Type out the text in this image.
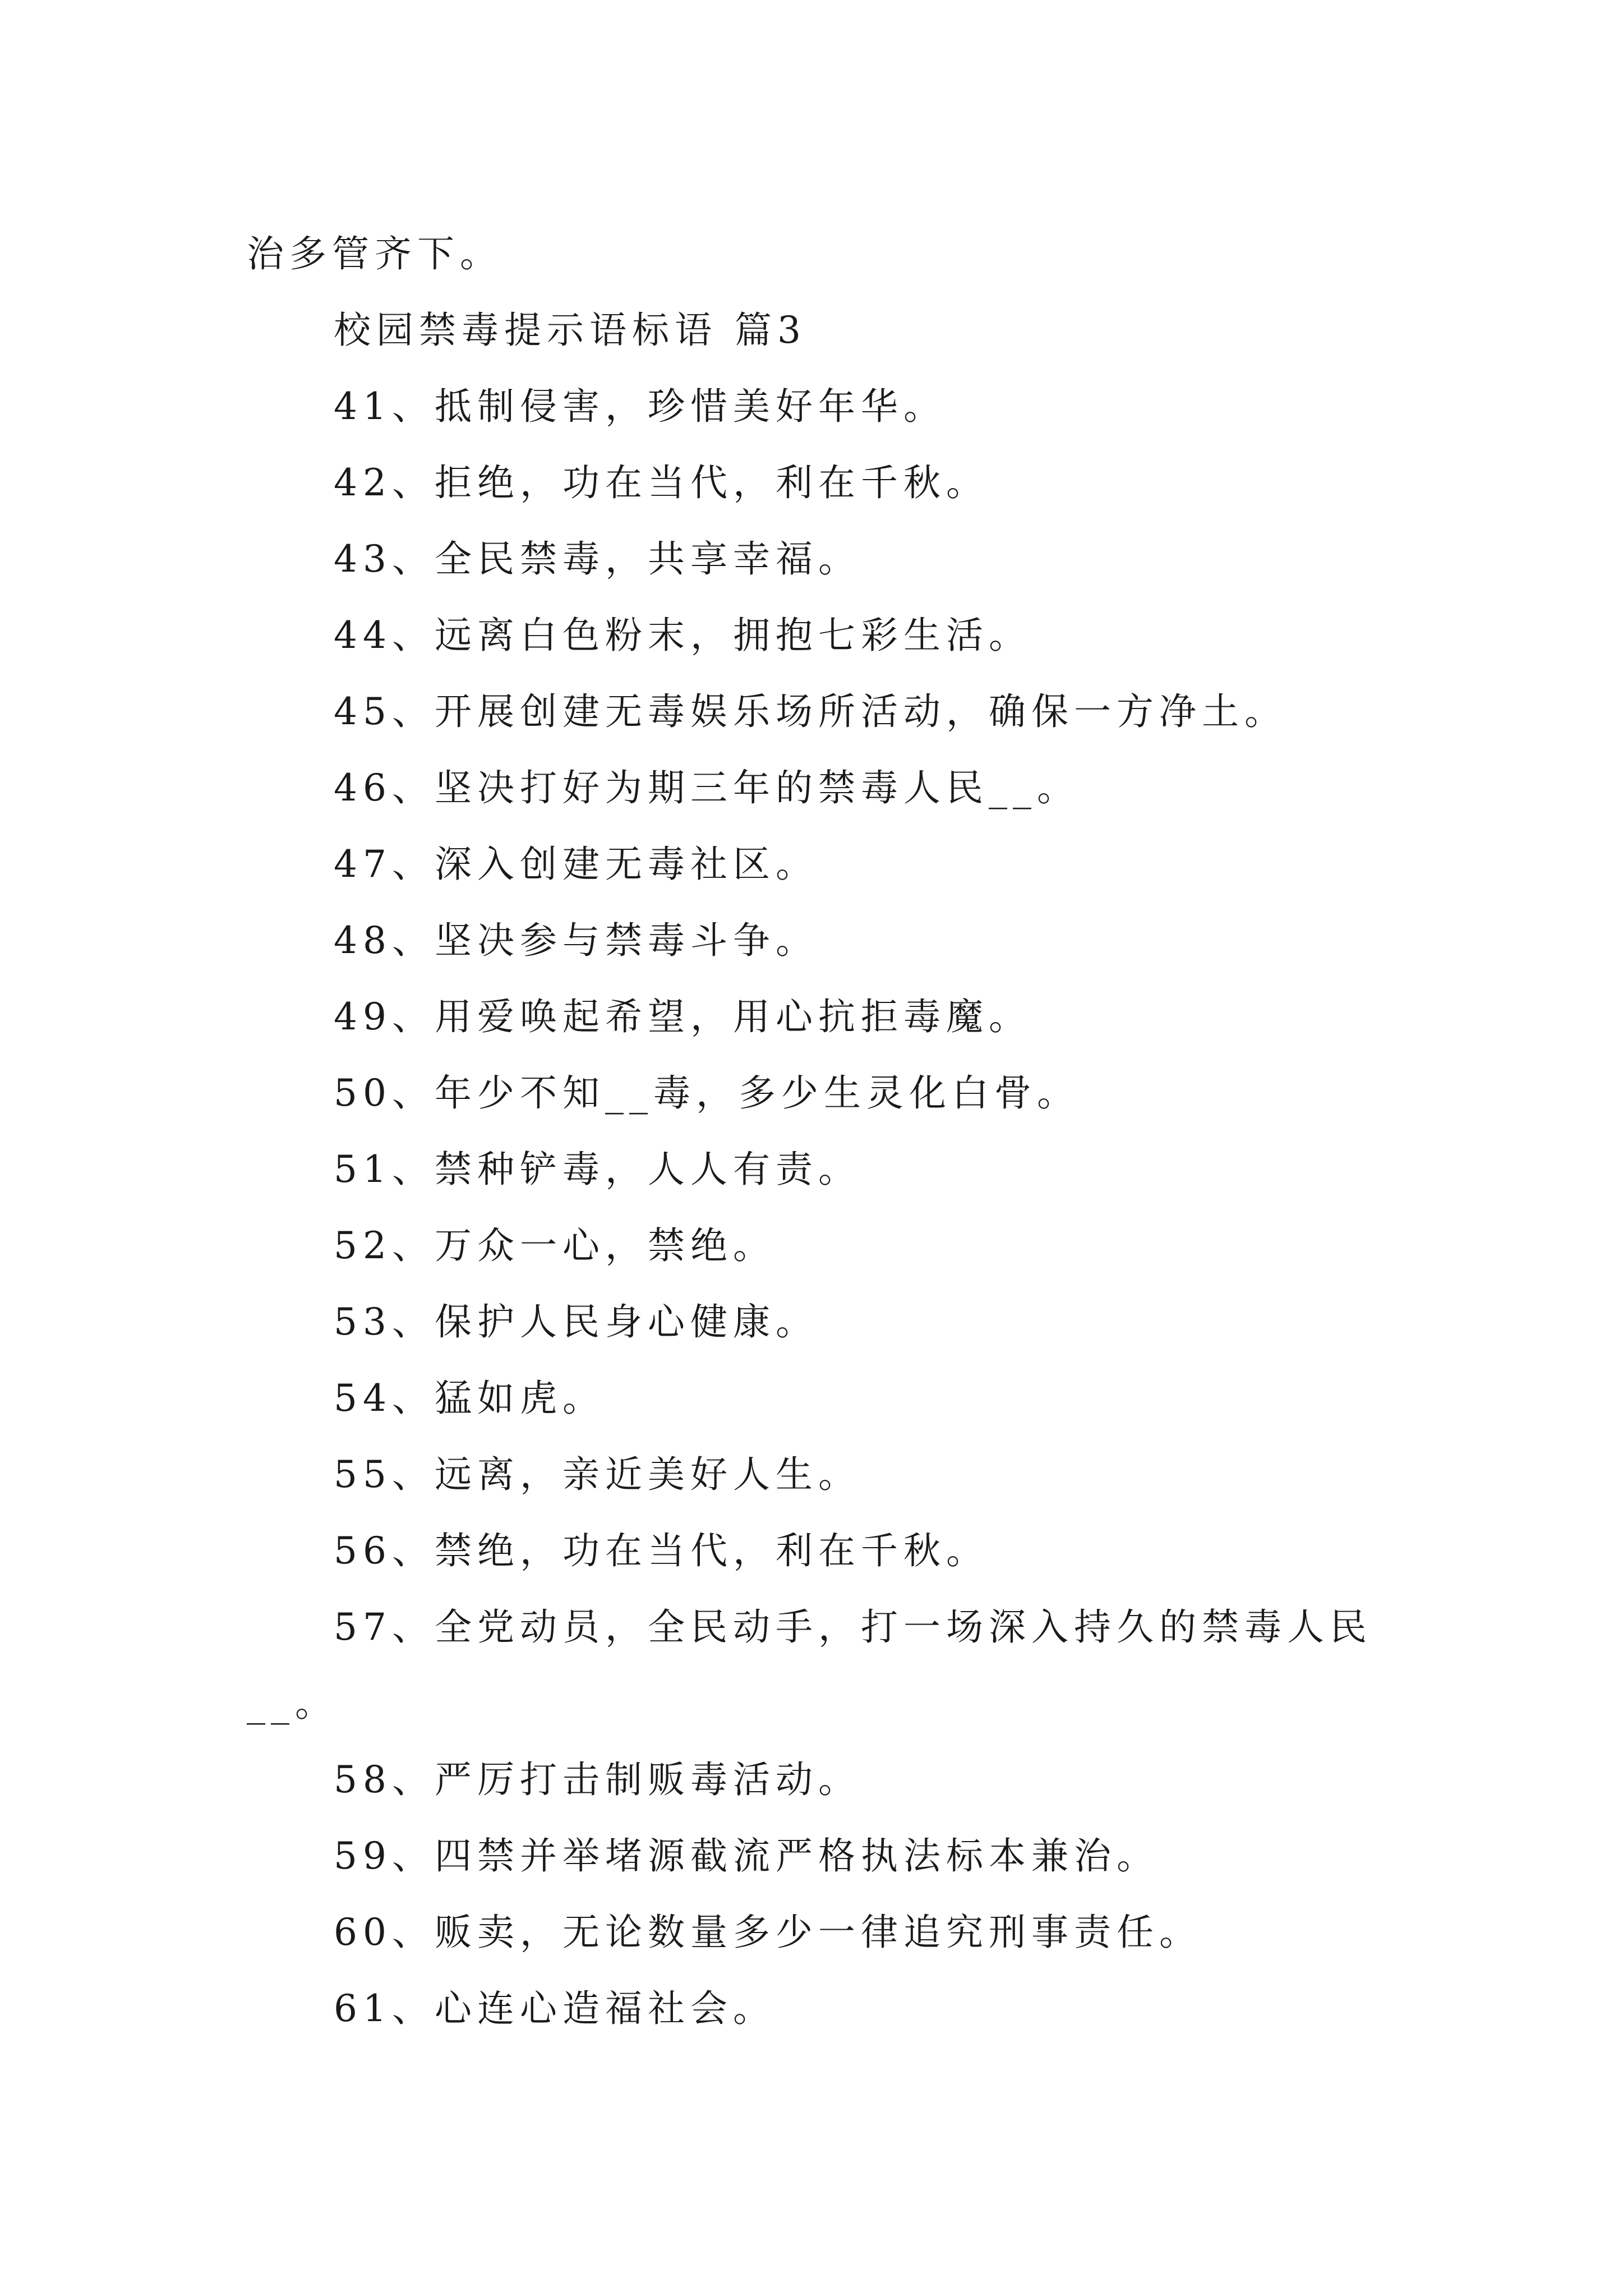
治多管齐下。
校园禁毒提示语标语 篇3
41、抵制侵害，珍惜美好年华。
42、拒绝，功在当代，利在千秋。
43、全民禁毒，共享幸福。
44、远离白色粉末，拥抱七彩生活。
45、开展创建无毒娱乐场所活动，确保一方净土。
46、坚决打好为期三年的禁毒人民__。
47、深入创建无毒社区。
48、坚决参与禁毒斗争。
49、用爱唤起希望，用心抗拒毒魔。
50、年少不知__毒，多少生灵化白骨。
51、禁种铲毒，人人有责。
52、万众一心，禁绝。
53、保护人民身心健康。
54、猛如虎。
55、远离，亲近美好人生。
56、禁绝，功在当代，利在千秋。
57、全党动员，全民动手，打一场深入持久的禁毒人民
__。
58、严厉打击制贩毒活动。
59、四禁并举堵源截流严格执法标本兼治。
60、贩卖，无论数量多少一律追究刑事责任。
61、心连心造福社会。
